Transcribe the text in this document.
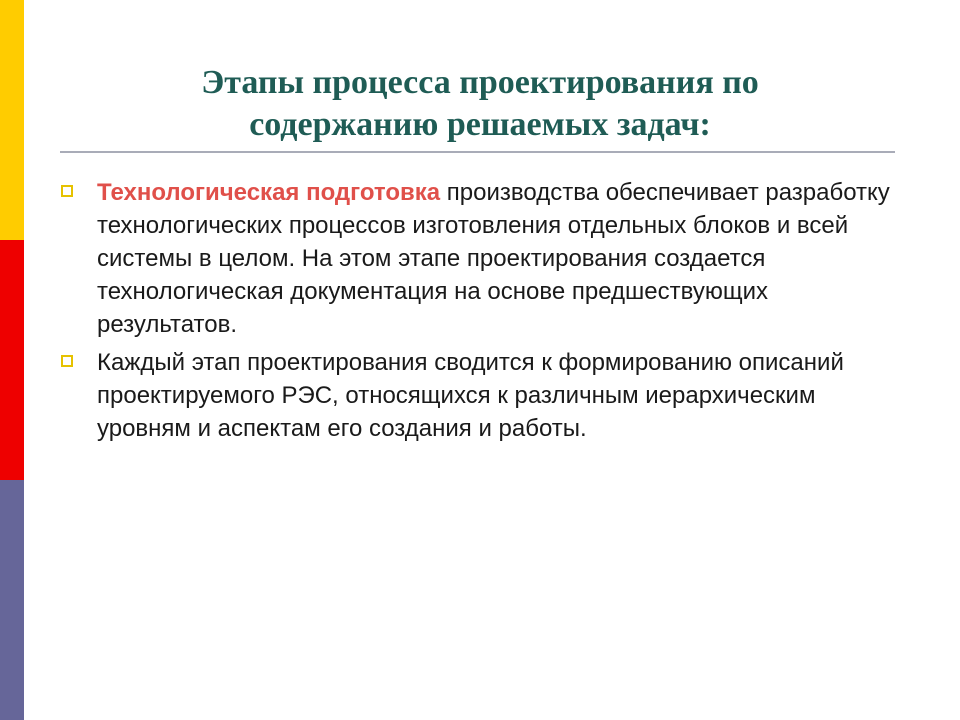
Этапы процесса проектирования по
содержанию решаемых задач:
Технологическая подготовка производства обеспечивает разработку технологических процессов изготовления отдельных блоков и всей системы в целом. На этом этапе проектирования создается технологическая документация на основе предшествующих результатов.
Каждый этап проектирования сводится к формированию описаний проектируемого РЭС, относящихся к различным иерархическим уровням и аспектам его создания и работы.
